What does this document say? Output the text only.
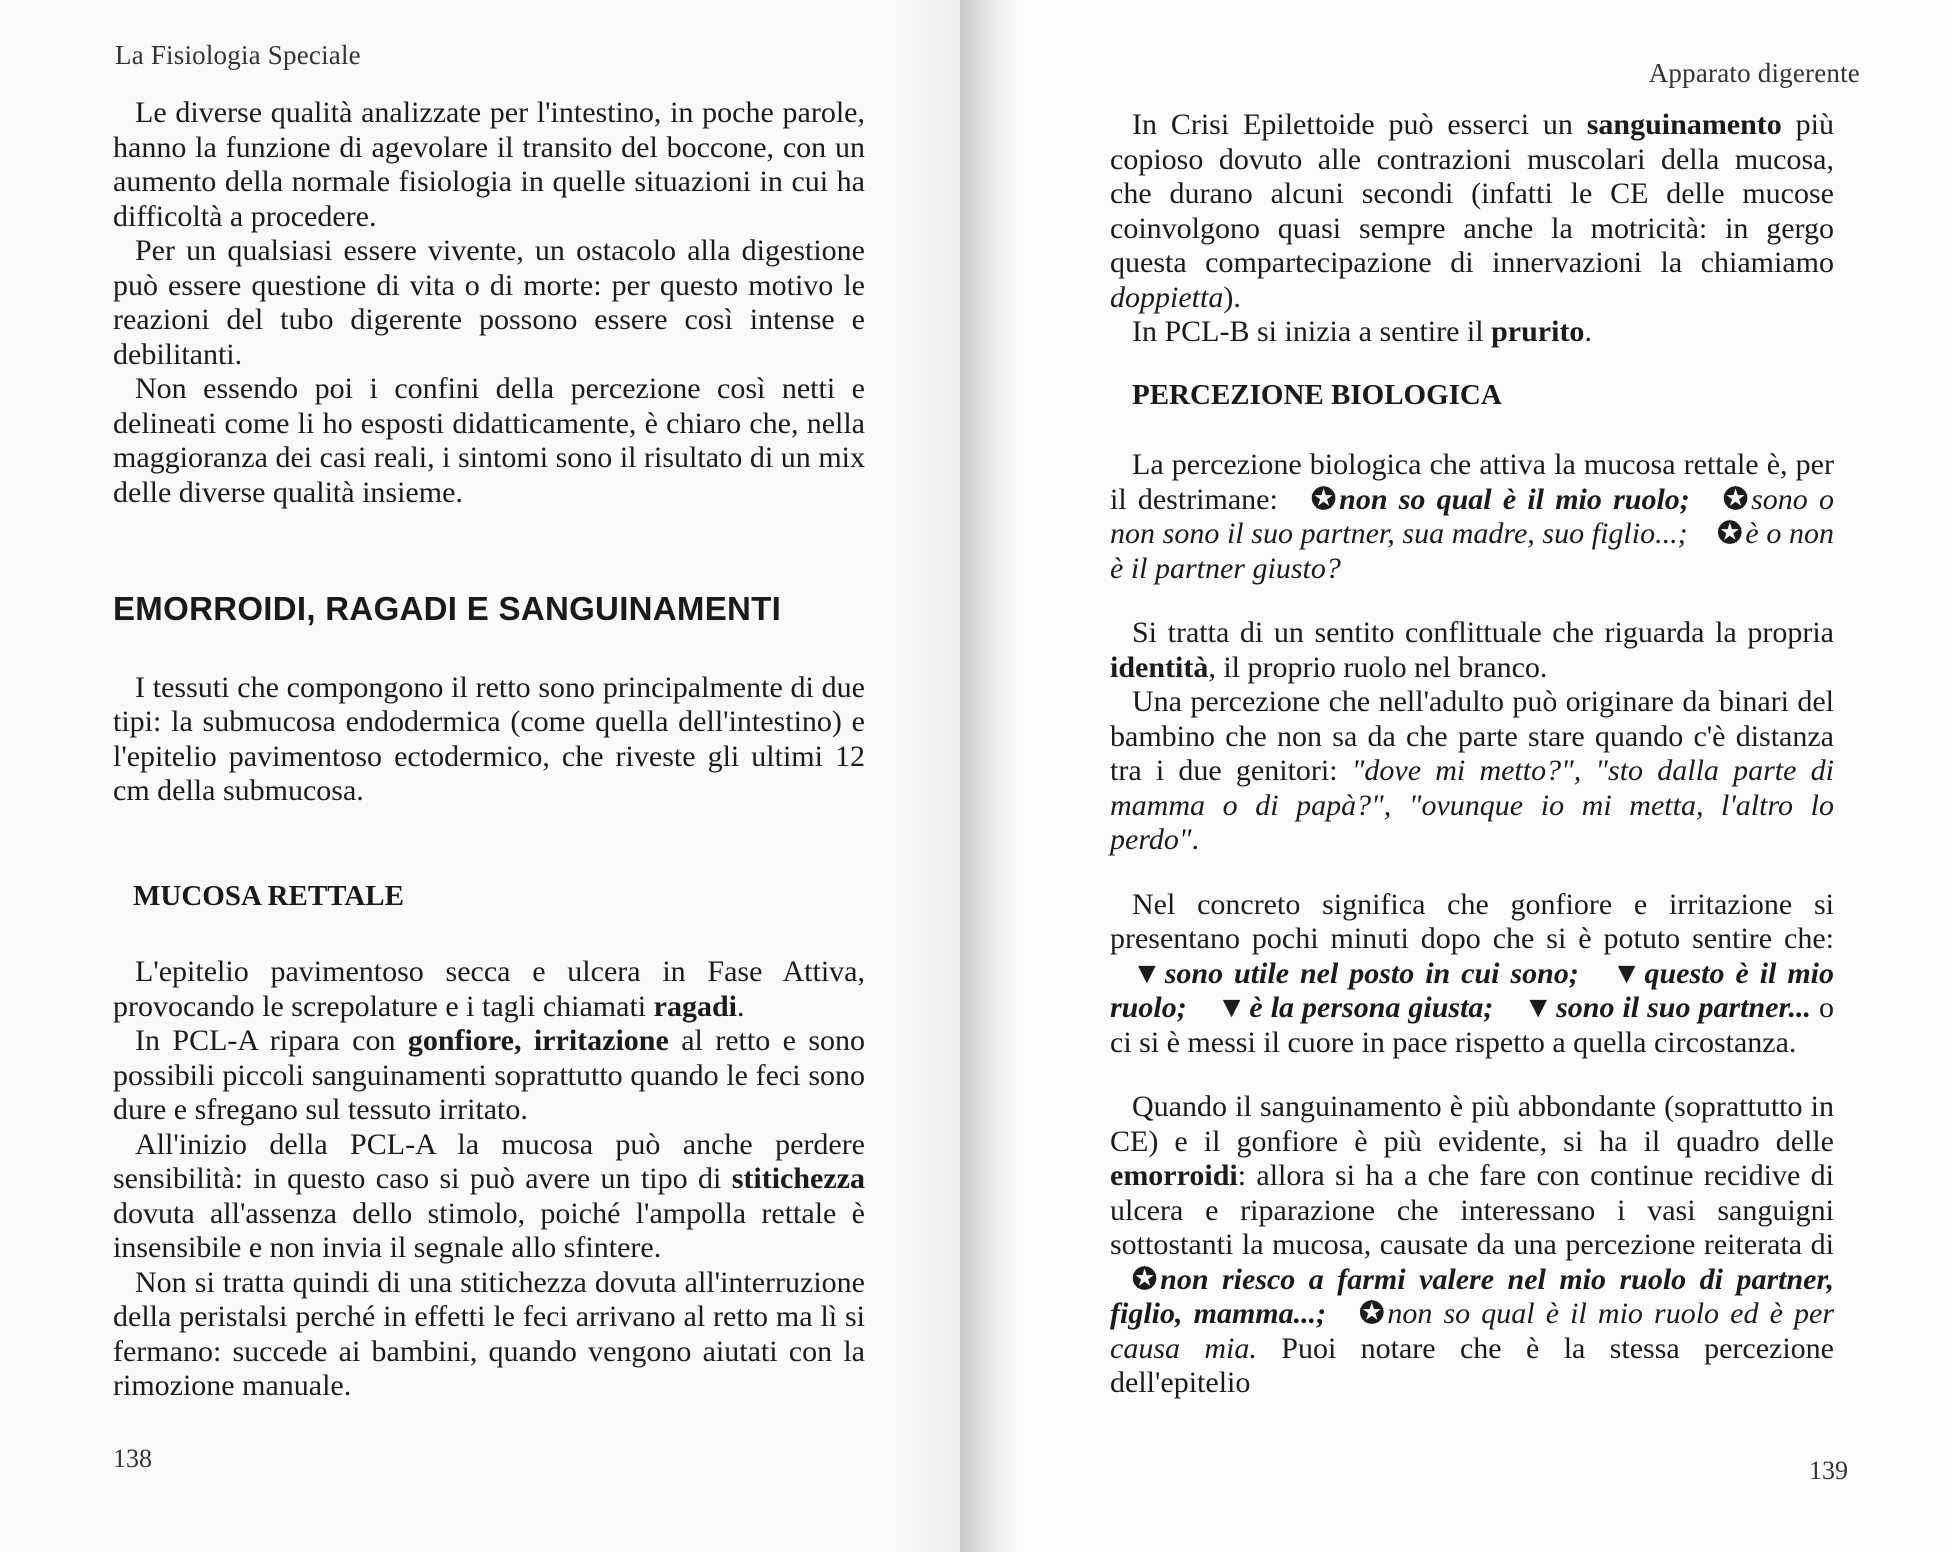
La Fisiologia Speciale

Le diverse qualità analizzate per l'intestino, in poche parole, hanno la funzione di agevolare il transito del boccone, con un aumento della normale fisiologia in quelle situazioni in cui ha difficoltà a procedere.

Per un qualsiasi essere vivente, un ostacolo alla digestione può essere questione di vita o di morte: per questo motivo le reazioni del tubo digerente possono essere così intense e debilitanti.

Non essendo poi i confini della percezione così netti e delineati come li ho esposti didatticamente, è chiaro che, nella maggioranza dei casi reali, i sintomi sono il risultato di un mix delle diverse qualità insieme.

EMORROIDI, RAGADI E SANGUINAMENTI

I tessuti che compongono il retto sono principalmente di due tipi: la submucosa endodermica (come quella dell'intestino) e l'epitelio pavimentoso ectodermico, che riveste gli ultimi 12 cm della submucosa.

MUCOSA RETTALE

L'epitelio pavimentoso secca e ulcera in Fase Attiva, provocando le screpolature e i tagli chiamati ragadi.

In PCL-A ripara con gonfiore, irritazione al retto e sono possibili piccoli sanguinamenti soprattutto quando le feci sono dure e sfregano sul tessuto irritato.

All'inizio della PCL-A la mucosa può anche perdere sensibilità: in questo caso si può avere un tipo di stitichezza dovuta all'assenza dello stimolo, poiché l'ampolla rettale è insensibile e non invia il segnale allo sfintere.

Non si tratta quindi di una stitichezza dovuta all'interruzione della peristalsi perché in effetti le feci arrivano al retto ma lì si fermano: succede ai bambini, quando vengono aiutati con la rimozione manuale.

138
Apparato digerente

In Crisi Epilettoide può esserci un sanguinamento più copioso dovuto alle contrazioni muscolari della mucosa, che durano alcuni secondi (infatti le CE delle mucose coinvolgono quasi sempre anche la motricità: in gergo questa compartecipazione di innervazioni la chiamiamo doppietta).

In PCL-B si inizia a sentire il prurito.

PERCEZIONE BIOLOGICA

La percezione biologica che attiva la mucosa rettale è, per il destrimane: ✪ non so qual è il mio ruolo; ✪ sono o non sono il suo partner, sua madre, suo figlio...; ✪ è o non è il partner giusto?

Si tratta di un sentito conflittuale che riguarda la propria identità, il proprio ruolo nel branco.

Una percezione che nell'adulto può originare da binari del bambino che non sa da che parte stare quando c'è distanza tra i due genitori: "dove mi metto?", "sto dalla parte di mamma o di papà?", "ovunque io mi metta, l'altro lo perdo".

Nel concreto significa che gonfiore e irritazione si presentano pochi minuti dopo che si è potuto sentire che: ▼ sono utile nel posto in cui sono; ▼ questo è il mio ruolo; ▼ è la persona giusta; ▼ sono il suo partner... o ci si è messi il cuore in pace rispetto a quella circostanza.

Quando il sanguinamento è più abbondante (soprattutto in CE) e il gonfiore è più evidente, si ha il quadro delle emorroidi: allora si ha a che fare con continue recidive di ulcera e riparazione che interessano i vasi sanguigni sottostanti la mucosa, causate da una percezione reiterata di ✪ non riesco a farmi valere nel mio ruolo di partner, figlio, mamma...; ✪ non so qual è il mio ruolo ed è per causa mia. Puoi notare che è la stessa percezione dell'epitelio

139
